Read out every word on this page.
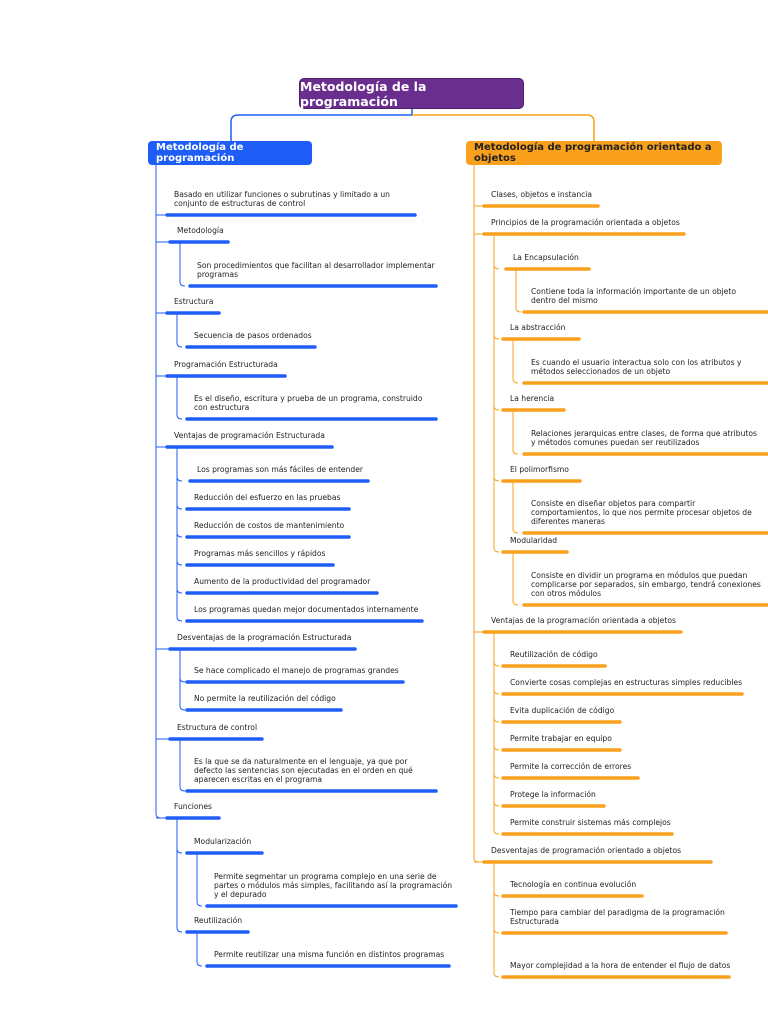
Metodología de la programación
Metodología de programación
Metodología de programación orientado a objetos
Basado en utilizar funciones o subrutinas y limitado a un conjunto de estructuras de control
Metodología
Son procedimientos que facilitan al desarrollador implementar programas
Estructura
Secuencia de pasos ordenados
Programación Estructurada
Es el diseño, escritura y prueba de un programa, construido con estructura
Ventajas de programación Estructurada
Los programas son más fáciles de entender
Reducción del esfuerzo en las pruebas
Reducción de costos de mantenimiento
Programas más sencillos y rápidos
Aumento de la productividad del programador
Los programas quedan mejor documentados internamente
Desventajas de la programación Estructurada
Se hace complicado el manejo de programas grandes
No permite la reutilización del código
Estructura de control
Es la que se da naturalmente en el lenguaje, ya que por defecto las sentencias son ejecutadas en el orden en qué aparecen escritas en el programa
Funciones
Modularización
Permite segmentar un programa complejo en una serie de partes o módulos más simples, facilitando así la programación y el depurado
Reutilización
Permite reutilizar una misma función en distintos programas
Clases, objetos e instancia
Principios de la programación orientada a objetos
La Encapsulación
Contiene toda la información importante de un objeto dentro del mismo
La abstracción
Es cuando el usuario interactua solo con los atributos y métodos seleccionados de un objeto
La herencia
Relaciones jerarquicas entre clases, de forma que atributos y métodos comunes puedan ser reutilizados
El polimorfismo
Consiste en diseñar objetos para compartir comportamientos, lo que nos permite procesar objetos de diferentes maneras
Modularidad
Consiste en dividir un programa en módulos que puedan complicarse por separados, sin embargo, tendrá conexiones con otros módulos
Ventajas de la programación orientada a objetos
Reutilización de código
Convierte cosas complejas en estructuras simples reducibles
Evita duplicación de código
Permite trabajar en equipo
Permite la corrección de errores
Protege la información
Permite construir sistemas más complejos
Desventajas de programación orientado a objetos
Tecnología en continua evolución
Tiempo para cambiar del paradigma de la programación Estructurada
Mayor complejidad a la hora de entender el flujo de datos
